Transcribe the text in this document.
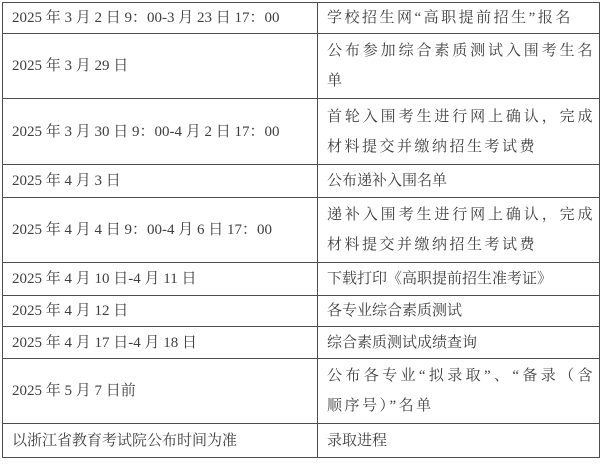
2025 年 3 月 2 日 9：00-3 月 23 日 17：00	学校招生网“高职提前招生”报名
2025 年 3 月 29 日	公布参加综合素质测试入围考生名单
2025 年 3 月 30 日 9：00-4 月 2 日 17：00	首轮入围考生进行网上确认，完成材料提交并缴纳招生考试费
2025 年 4 月 3 日	公布递补入围名单
2025 年 4 月 4 日 9：00-4 月 6 日 17：00	递补入围考生进行网上确认，完成材料提交并缴纳招生考试费
2025 年 4 月 10 日-4 月 11 日	下载打印《高职提前招生准考证》
2025 年 4 月 12 日	各专业综合素质测试
2025 年 4 月 17 日-4 月 18 日	综合素质测试成绩查询
2025 年 5 月 7 日前	公布各专业“拟录取”、“备录（含顺序号）”名单
以浙江省教育考试院公布时间为准	录取进程
